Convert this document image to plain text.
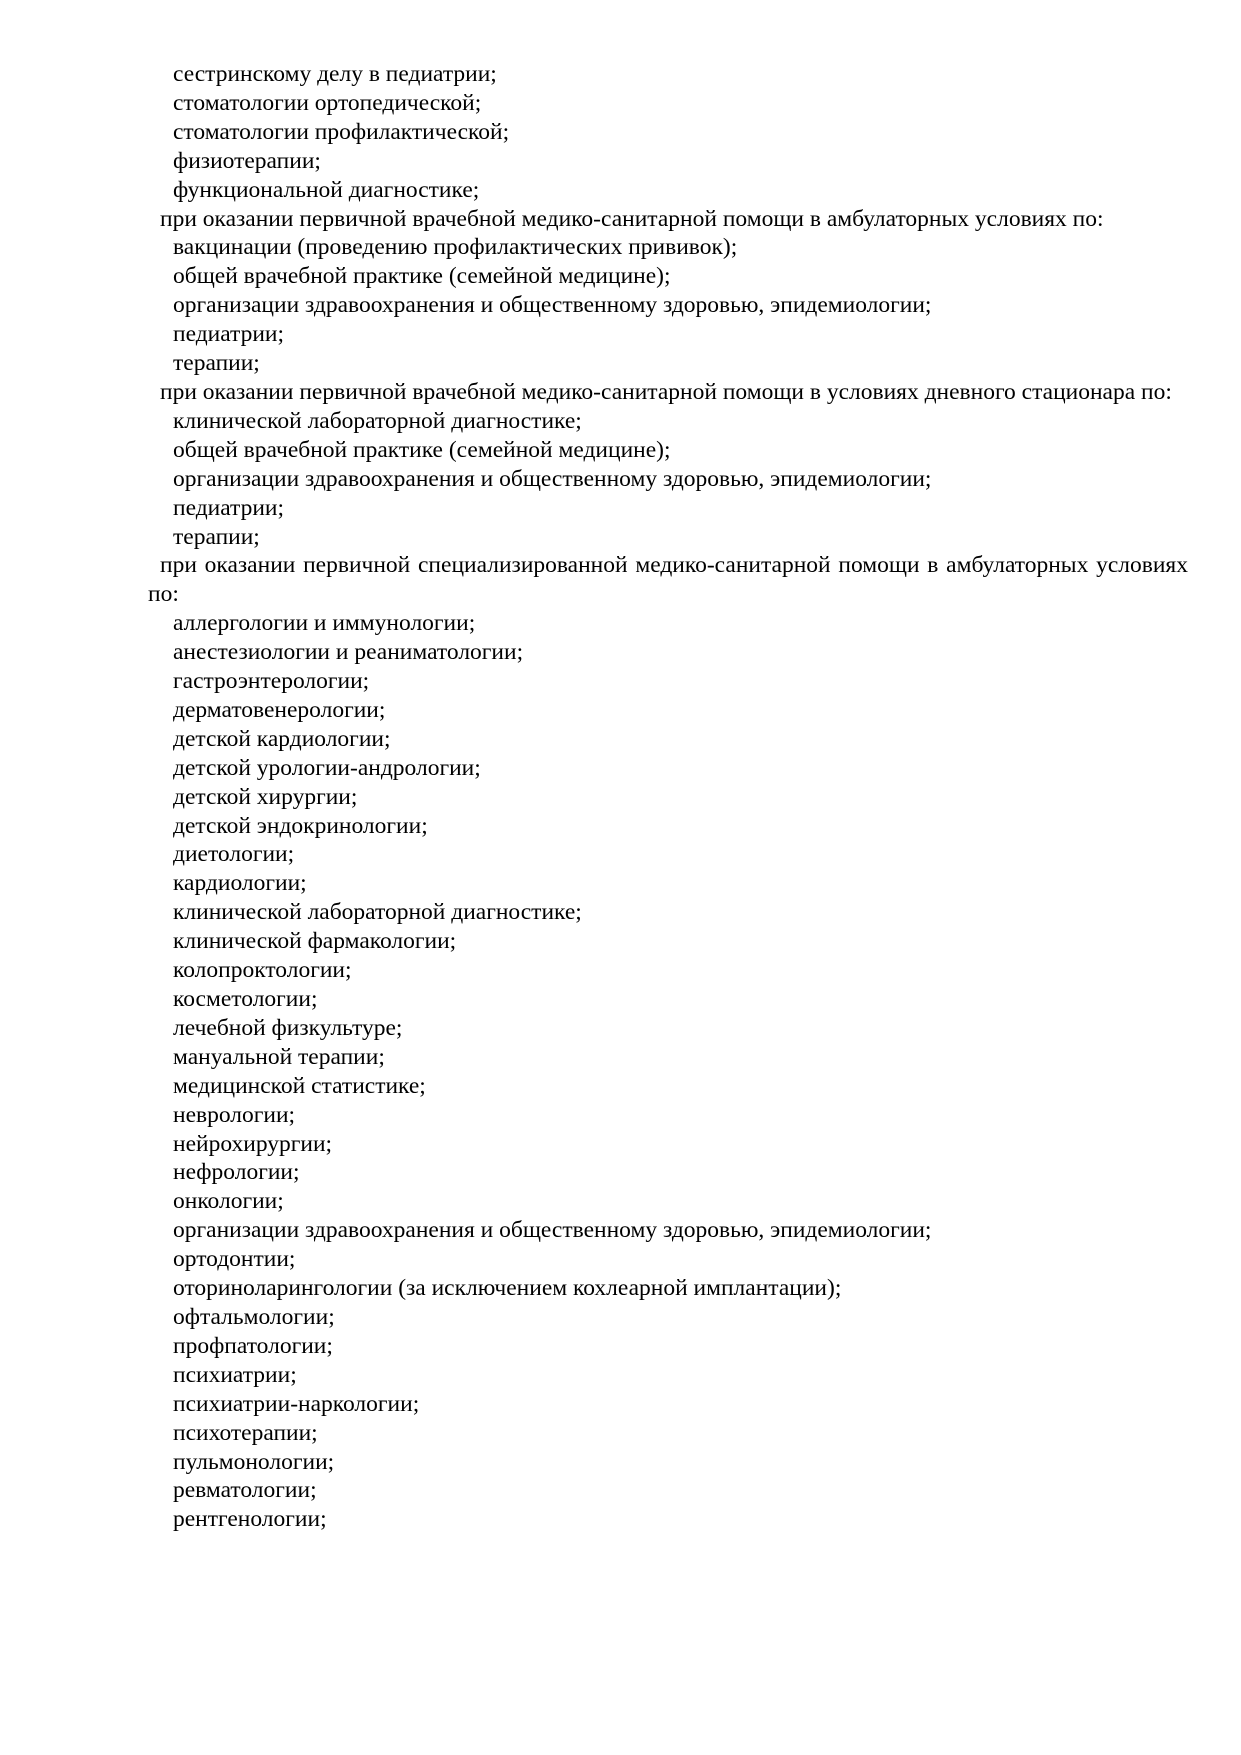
сестринскому делу в педиатрии;

стоматологии ортопедической;

стоматологии профилактической;

физиотерапии;

функциональной диагностике;

при оказании первичной врачебной медико-санитарной помощи в амбулаторных условиях по:

вакцинации (проведению профилактических прививок);

общей врачебной практике (семейной медицине);

организации здравоохранения и общественному здоровью, эпидемиологии;

педиатрии;

терапии;

при оказании первичной врачебной медико-санитарной помощи в условиях дневного стационара по:

клинической лабораторной диагностике;

общей врачебной практике (семейной медицине);

организации здравоохранения и общественному здоровью, эпидемиологии;

педиатрии;

терапии;

при оказании первичной специализированной медико-санитарной помощи в амбулаторных условиях по:

аллергологии и иммунологии;

анестезиологии и реаниматологии;

гастроэнтерологии;

дерматовенерологии;

детской кардиологии;

детской урологии-андрологии;

детской хирургии;

детской эндокринологии;

диетологии;

кардиологии;

клинической лабораторной диагностике;

клинической фармакологии;

колопроктологии;

косметологии;

лечебной физкультуре;

мануальной терапии;

медицинской статистике;

неврологии;

нейрохирургии;

нефрологии;

онкологии;

организации здравоохранения и общественному здоровью, эпидемиологии;

ортодонтии;

оториноларингологии (за исключением кохлеарной имплантации);

офтальмологии;

профпатологии;

психиатрии;

психиатрии-наркологии;

психотерапии;

пульмонологии;

ревматологии;

рентгенологии;
